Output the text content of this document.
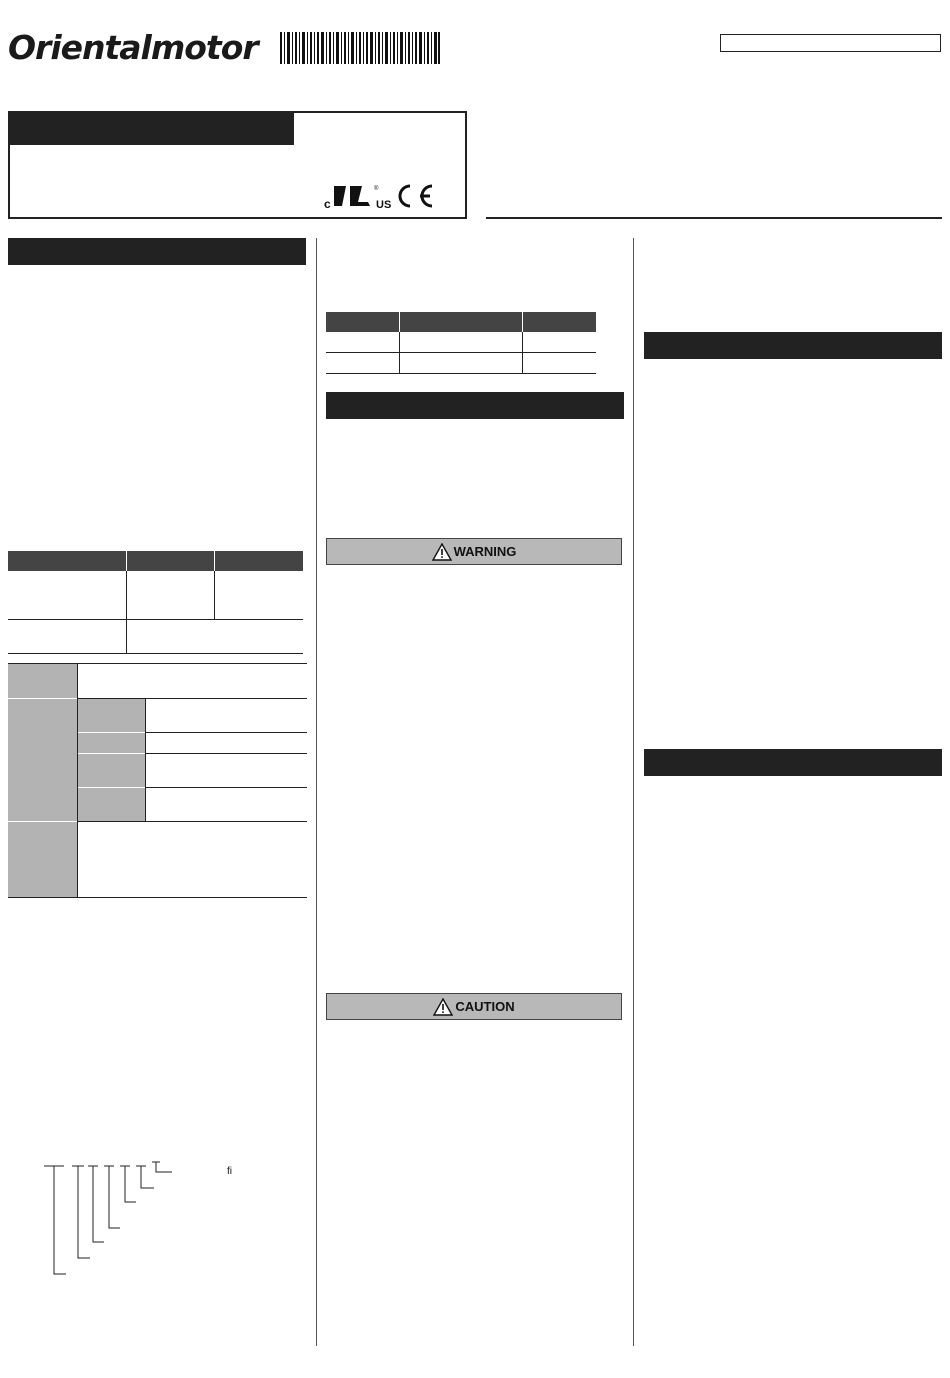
Orientalmotor
c
®
US
ﬁ
WARNING
CAUTION
